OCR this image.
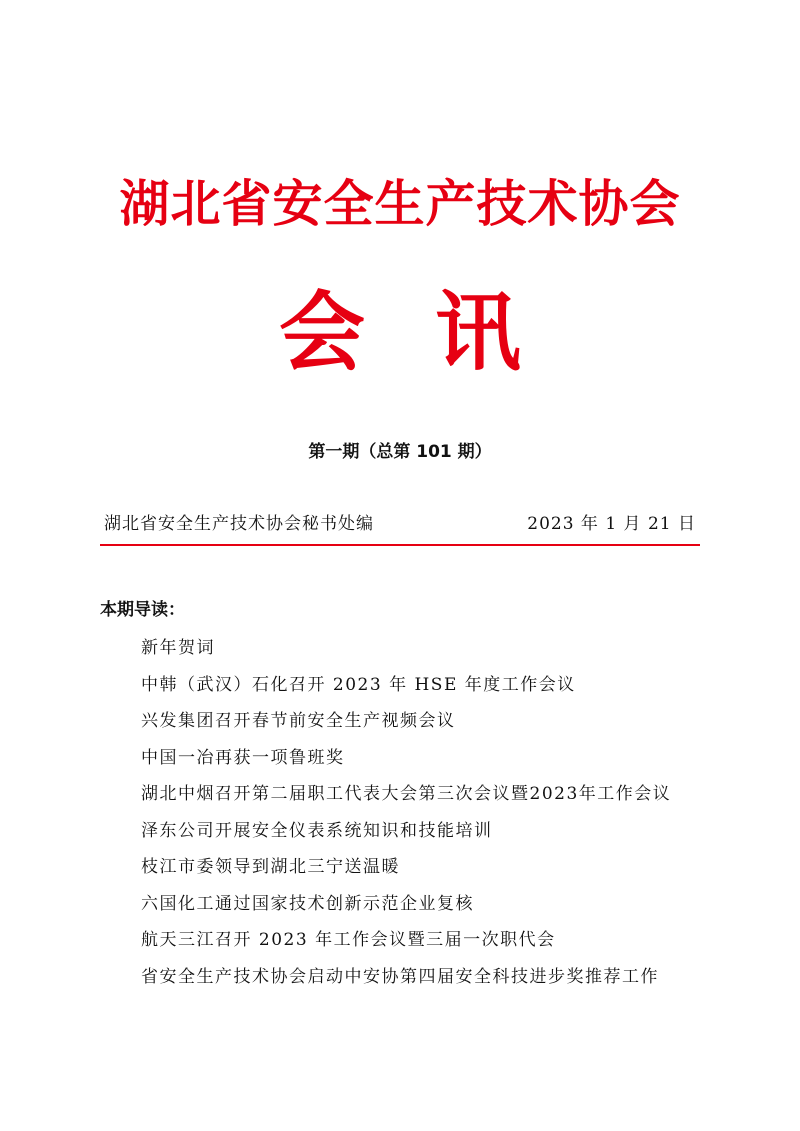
湖北省安全生产技术协会
会讯
第一期（总第 101 期）
湖北省安全生产技术协会秘书处编	2023 年 1 月 21 日
本期导读：
新年贺词
中韩（武汉）石化召开 2023 年 HSE 年度工作会议
兴发集团召开春节前安全生产视频会议
中国一冶再获一项鲁班奖
湖北中烟召开第二届职工代表大会第三次会议暨2023年工作会议
泽东公司开展安全仪表系统知识和技能培训
枝江市委领导到湖北三宁送温暖
六国化工通过国家技术创新示范企业复核
航天三江召开 2023 年工作会议暨三届一次职代会
省安全生产技术协会启动中安协第四届安全科技进步奖推荐工作
